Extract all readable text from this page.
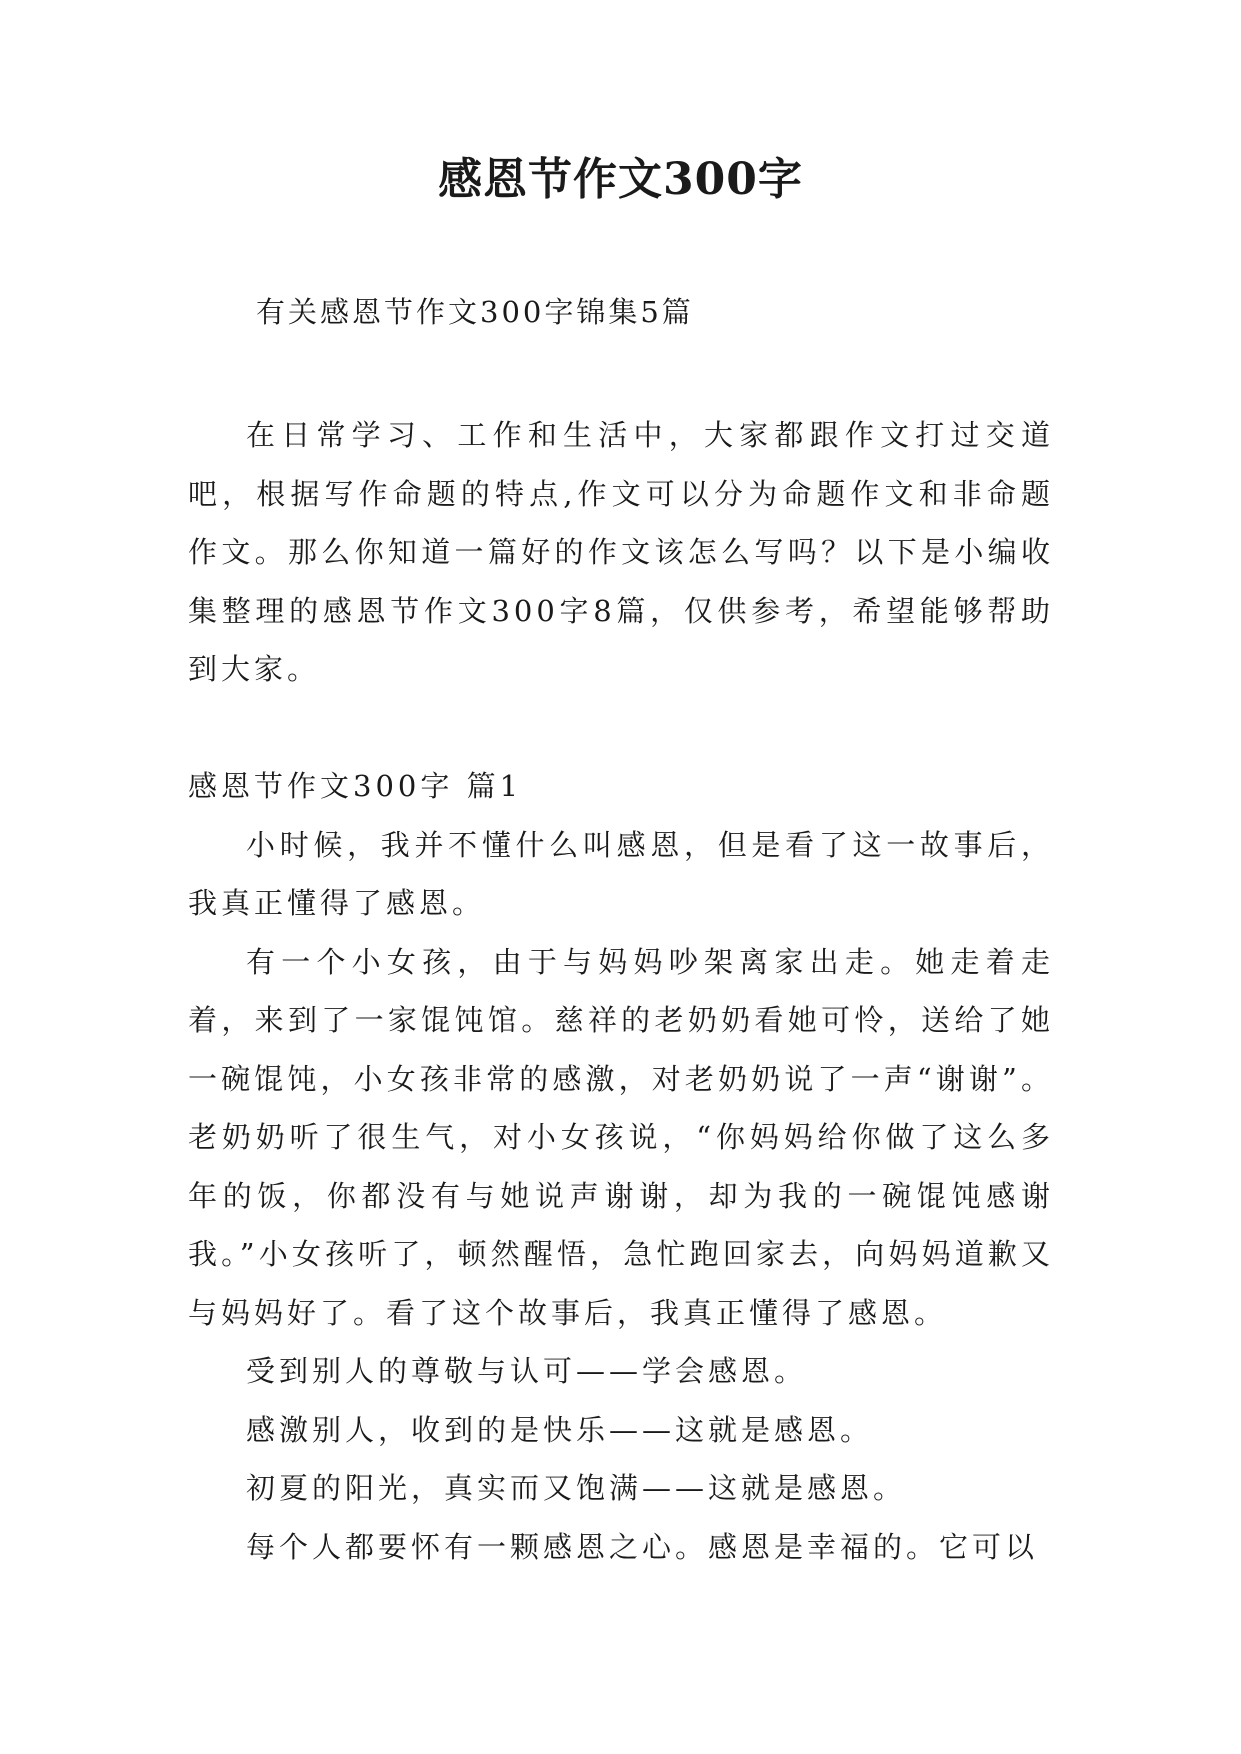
感恩节作文300字
有关感恩节作文300字锦集5篇

在日常学习、工作和生活中，大家都跟作文打过交道吧，根据写作命题的特点,作文可以分为命题作文和非命题作文。那么你知道一篇好的作文该怎么写吗？以下是小编收集整理的感恩节作文300字8篇，仅供参考，希望能够帮助到大家。

感恩节作文300字 篇1

小时候，我并不懂什么叫感恩，但是看了这一故事后，我真正懂得了感恩。

有一个小女孩，由于与妈妈吵架离家出走。她走着走着，来到了一家馄饨馆。慈祥的老奶奶看她可怜，送给了她一碗馄饨，小女孩非常的感激，对老奶奶说了一声“谢谢”。老奶奶听了很生气，对小女孩说，“你妈妈给你做了这么多年的饭，你都没有与她说声谢谢，却为我的一碗馄饨感谢我。”小女孩听了，顿然醒悟，急忙跑回家去，向妈妈道歉又与妈妈好了。看了这个故事后，我真正懂得了感恩。

受到别人的尊敬与认可——学会感恩。

感激别人，收到的是快乐——这就是感恩。

初夏的阳光，真实而又饱满——这就是感恩。

每个人都要怀有一颗感恩之心。感恩是幸福的。它可以
